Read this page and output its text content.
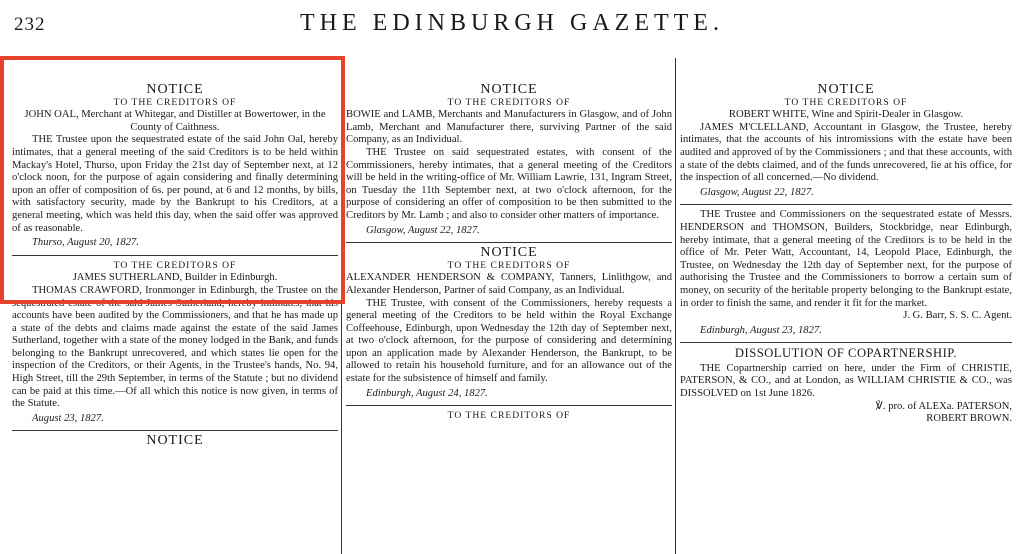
232	THE EDINBURGH GAZETTE.
NOTICE
TO THE CREDITORS OF
JOHN OAL, Merchant at Whitegar, and Distiller at Bowertower, in the County of Caithness.

THE Trustee upon the sequestrated estate of the said John Oal, hereby intimates, that a general meeting of the said Creditors is to be held within Mackay's Hotel, Thurso, upon Friday the 21st day of September next, at 12 o'clock noon, for the purpose of again considering and finally determining upon an offer of composition of 6s. per pound, at 6 and 12 months, by bills, with satisfactory security, made by the Bankrupt to his Creditors, at a general meeting, which was held this day, when the said offer was approved of as reasonable.

Thurso, August 20, 1827.
TO THE CREDITORS OF
JAMES SUTHERLAND, Builder in Edinburgh.

THOMAS CRAWFORD, Ironmonger in Edinburgh, the Trustee on the sequestrated estate of the said James Sutherland, hereby intimates, that his accounts have been audited by the Commissioners, and that he has made up a state of the debts and claims made against the estate of the said James Sutherland, together with a state of the money lodged in the Bank, and funds belonging to the Bankrupt unrecovered, and which states lie open for the inspection of the Creditors, or their Agents, in the Trustee's hands, No. 94, High Street, till the 29th September, in terms of the Statute ; but no dividend can be paid at this time.—Of all which this notice is now given, in terms of the Statute.

August 23, 1827.
NOTICE
NOTICE
TO THE CREDITORS OF
BOWIE and LAMB, Merchants and Manufacturers in Glasgow, and of John Lamb, Merchant and Manufacturer there, surviving Partner of the said Company, as an Individual.

THE Trustee on said sequestrated estates, with consent of the Commissioners, hereby intimates, that a general meeting of the Creditors will be held in the writing-office of Mr. William Lawrie, 131, Ingram Street, on Tuesday the 11th September next, at two o'clock afternoon, for the purpose of considering an offer of composition to be then submitted to the Creditors by Mr. Lamb ; and also to consider other matters of importance.

Glasgow, August 22, 1827.
NOTICE
TO THE CREDITORS OF
ALEXANDER HENDERSON & COMPANY, Tanners, Linlithgow, and Alexander Henderson, Partner of said Company, as an Individual.

THE Trustee, with consent of the Commissioners, hereby requests a general meeting of the Creditors to be held within the Royal Exchange Coffeehouse, Edinburgh, upon Wednesday the 12th day of September next, at two o'clock afternoon, for the purpose of considering and determining upon an application made by Alexander Henderson, the Bankrupt, to be allowed to retain his household furniture, and for an allowance out of the estate for the subsistence of himself and family.

Edinburgh, August 24, 1827.
TO THE CREDITORS OF
NOTICE
TO THE CREDITORS OF
ROBERT WHITE, Wine and Spirit-Dealer in Glasgow.

JAMES M'CLELLAND, Accountant in Glasgow, the Trustee, hereby intimates, that the accounts of his intromissions with the estate have been audited and approved of by the Commissioners ; and that these accounts, with a state of the debts claimed, and of the funds unrecovered, lie at his office, for the inspection of all concerned.—No dividend.

Glasgow, August 22, 1827.

THE Trustee and Commissioners on the sequestrated estate of Messrs. HENDERSON and THOMSON, Builders, Stockbridge, near Edinburgh, hereby intimate, that a general meeting of the Creditors is to be held in the office of Mr. Peter Watt, Accountant, 14, Leopold Place, Edinburgh, the Trustee, on Wednesday the 12th day of September next, for the purpose of authorising the Trustee and the Commissioners to borrow a certain sum of money, on security of the heritable property belonging to the Bankrupt estate, in order to finish the same, and render it fit for the market.

J. G. Barr, S. S. C. Agent.
Edinburgh, August 23, 1827.
DISSOLUTION OF COPARTNERSHIP.

THE Copartnership carried on here, under the Firm of CHRISTIE, PATERSON, & CO., and at London, as WILLIAM CHRISTIE & CO., was DISSOLVED on 1st June 1826.

℣. pro. of ALEXa. PATERSON,
ROBERT BROWN.
